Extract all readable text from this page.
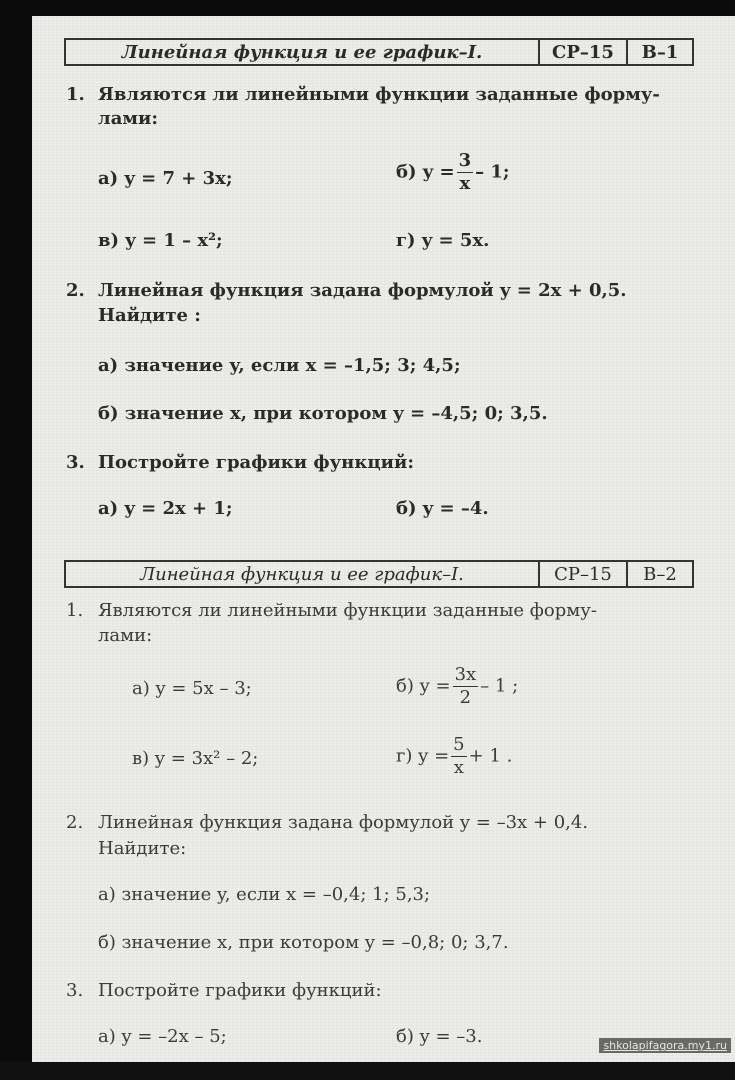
Линейная функция и ее график–I.	СР–15	В–1
1. Являются ли линейными функции заданные форму-
лами:
а) y = 7 + 3x;	б) $y = \frac{3}{x} - 1$;
в) y = 1 – x²;	г) y = 5x.
2. Линейная функция задана формулой y = 2x + 0,5.
Найдите :
а) значение y, если x = –1,5; 3; 4,5;
б) значение x, при котором y = –4,5; 0; 3,5.
3. Постройте графики функций:
а) y = 2x + 1;	б) y = –4.
Линейная функция и ее график–I.	СР–15	В–2
1. Являются ли линейными функции заданные форму-
лами:
а) y = 5x – 3;	б) $y = \frac{3x}{2} - 1$ ;
в) y = 3x² – 2;	г) $y = \frac{5}{x} + 1$ .
2. Линейная функция задана формулой y = –3x + 0,4.
Найдите:
а) значение y, если x = –0,4; 1; 5,3;
б) значение x, при котором y = –0,8; 0; 3,7.
3. Постройте графики функций:
а) y = –2x – 5;	б) y = –3.	shkolapifagora.my1.ru
